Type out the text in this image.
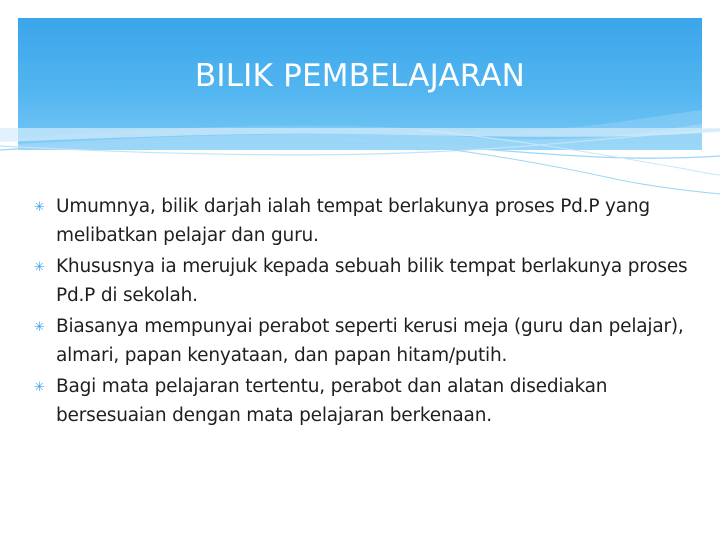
BILIK PEMBELAJARAN
✳ Umumnya, bilik darjah ialah tempat berlakunya proses Pd.P yang melibatkan pelajar dan guru.
✳ Khususnya ia merujuk kepada sebuah bilik tempat berlakunya proses Pd.P di sekolah.
✳ Biasanya mempunyai perabot seperti kerusi meja (guru dan pelajar), almari, papan kenyataan, dan papan hitam/putih.
✳ Bagi mata pelajaran tertentu, perabot dan alatan disediakan bersesuaian dengan mata pelajaran berkenaan.
